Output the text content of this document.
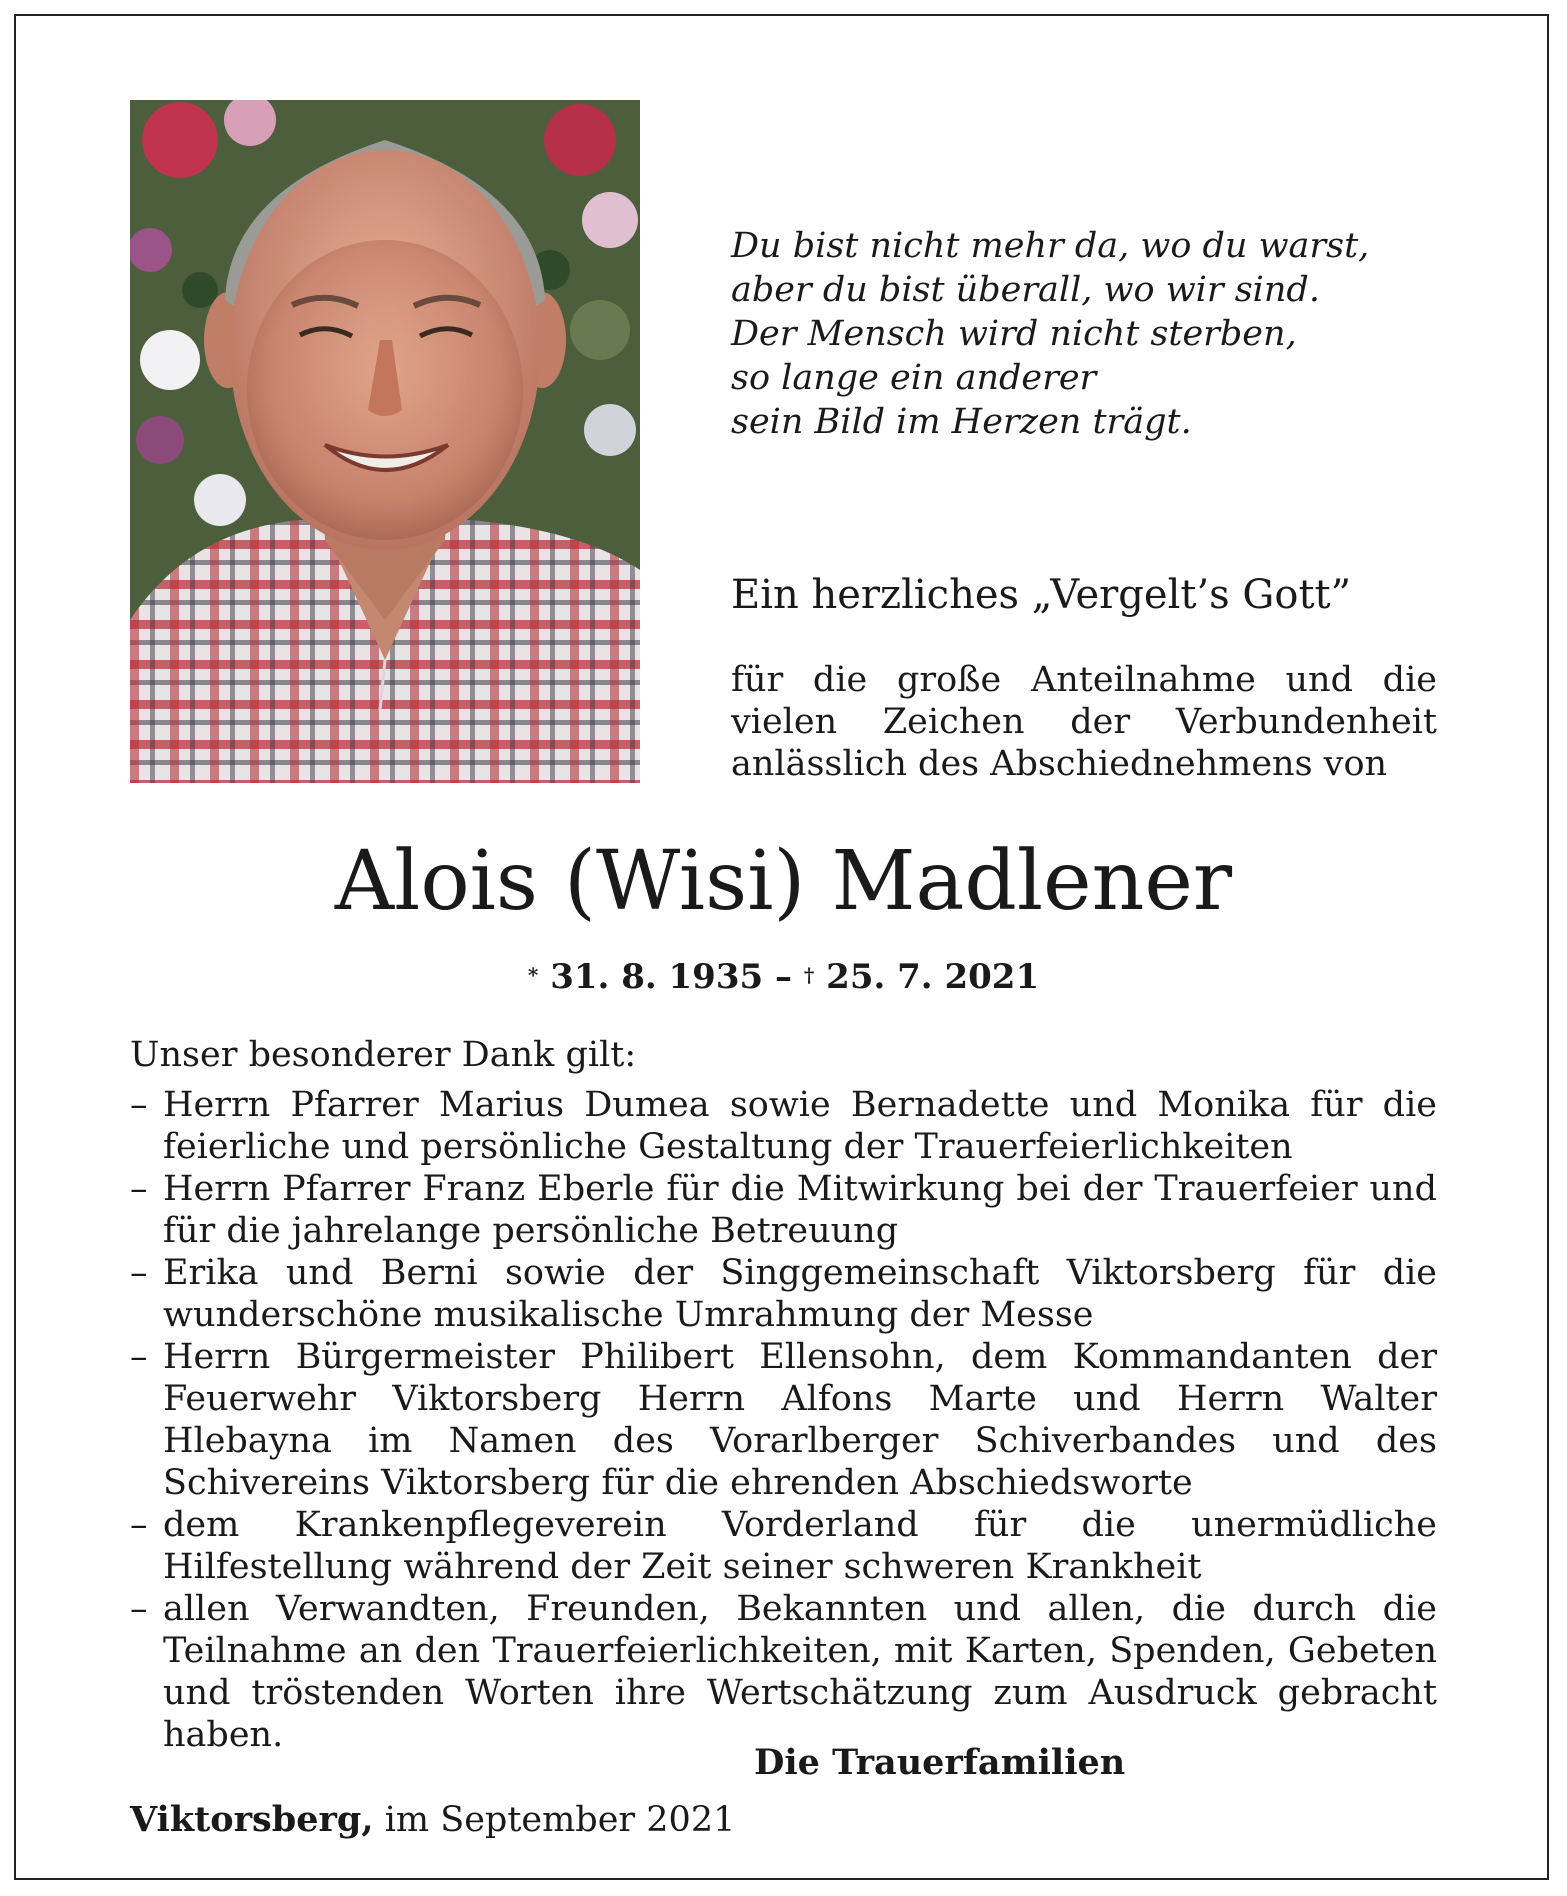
Du bist nicht mehr da, wo du warst,
aber du bist überall, wo wir sind.
Der Mensch wird nicht sterben,
so lange ein anderer
sein Bild im Herzen trägt.
Ein herzliches „Vergelt’s Gott”
für die große Anteilnahme und die vielen Zeichen der Verbundenheit anlässlich des Abschiednehmens von
Alois (Wisi) Madlener
* 31. 8. 1935 – † 25. 7. 2021
Unser besonderer Dank gilt:
– Herrn Pfarrer Marius Dumea sowie Bernadette und Monika für die feierliche und persönliche Gestaltung der Trauerfeierlichkeiten
– Herrn Pfarrer Franz Eberle für die Mitwirkung bei der Trauerfeier und für die jahrelange persönliche Betreuung
– Erika und Berni sowie der Singgemeinschaft Viktorsberg für die wunderschöne musikalische Umrahmung der Messe
– Herrn Bürgermeister Philibert Ellensohn, dem Kommandanten der Feuerwehr Viktorsberg Herrn Alfons Marte und Herrn Walter Hlebayna im Namen des Vorarlberger Schiverbandes und des Schivereins Viktorsberg für die ehrenden Abschiedsworte
– dem Krankenpflegeverein Vorderland für die unermüdliche Hilfestellung während der Zeit seiner schweren Krankheit
– allen Verwandten, Freunden, Bekannten und allen, die durch die Teilnahme an den Trauerfeierlichkeiten, mit Karten, Spenden, Gebeten und tröstenden Worten ihre Wertschätzung zum Ausdruck gebracht haben.
Die Trauerfamilien
Viktorsberg, im September 2021
